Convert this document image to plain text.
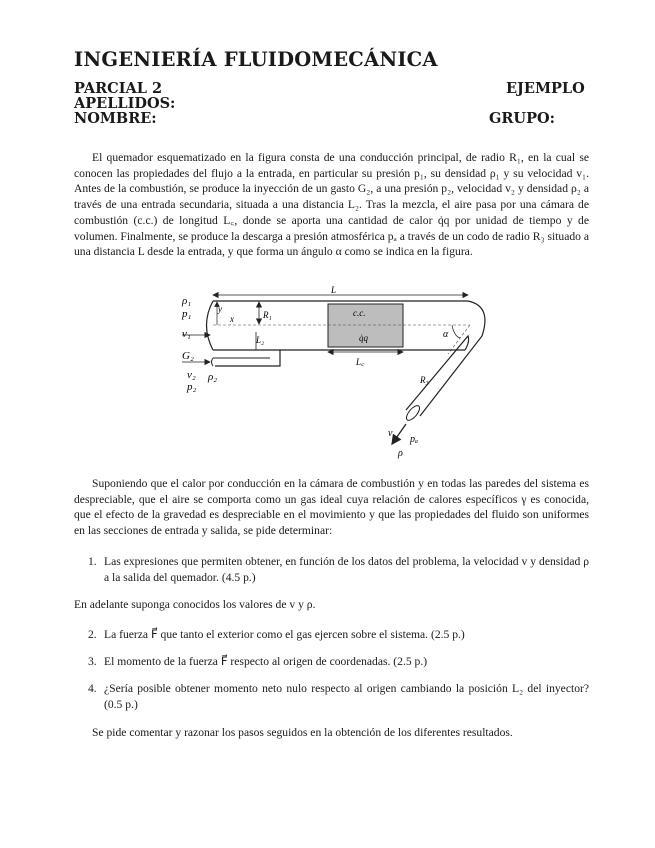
INGENIERÍA FLUIDOMECÁNICA
PARCIAL 2	EJEMPLO
APELLIDOS:
NOMBRE:	GRUPO:

El quemador esquematizado en la figura consta de una conducción principal, de radio R₁, en la cual se conocen las propiedades del flujo a la entrada, en particular su presión p₁, su densidad ρ₁ y su velocidad v₁. Antes de la combustión, se produce la inyección de un gasto G₂, a una presión p₂, velocidad v₂ y densidad ρ₂ a través de una entrada secundaria, situada a una distancia L₂. Tras la mezcla, el aire pasa por una cámara de combustión (c.c.) de longitud L꜀, donde se aporta una cantidad de calor q̇q por unidad de tiempo y de volumen. Finalmente, se produce la descarga a presión atmosférica pₐ a través de un codo de radio R₃ situado a una distancia L desde la entrada, y que forma un ángulo α como se indica en la figura.

ρ₁
p₁
v₁
y
x	R₁
L₂
L
c.c.
q̇q
L꜀
α
G₂
v₂ ρ₂
p₂
R₃
v
pₐ
ρ

Suponiendo que el calor por conducción en la cámara de combustión y en todas las paredes del sistema es despreciable, que el aire se comporta como un gas ideal cuya relación de calores específicos γ es conocida, que el efecto de la gravedad es despreciable en el movimiento y que las propiedades del fluido son uniformes en las secciones de entrada y salida, se pide determinar:

1. Las expresiones que permiten obtener, en función de los datos del problema, la velocidad v y densidad ρ a la salida del quemador. (4.5 p.)
En adelante suponga conocidos los valores de v y ρ.
2. La fuerza F⃗ que tanto el exterior como el gas ejercen sobre el sistema. (2.5 p.)
3. El momento de la fuerza F⃗ respecto al origen de coordenadas. (2.5 p.)
4. ¿Sería posible obtener momento neto nulo respecto al origen cambiando la posición L₂ del inyector? (0.5 p.)
Se pide comentar y razonar los pasos seguidos en la obtención de los diferentes resultados.
